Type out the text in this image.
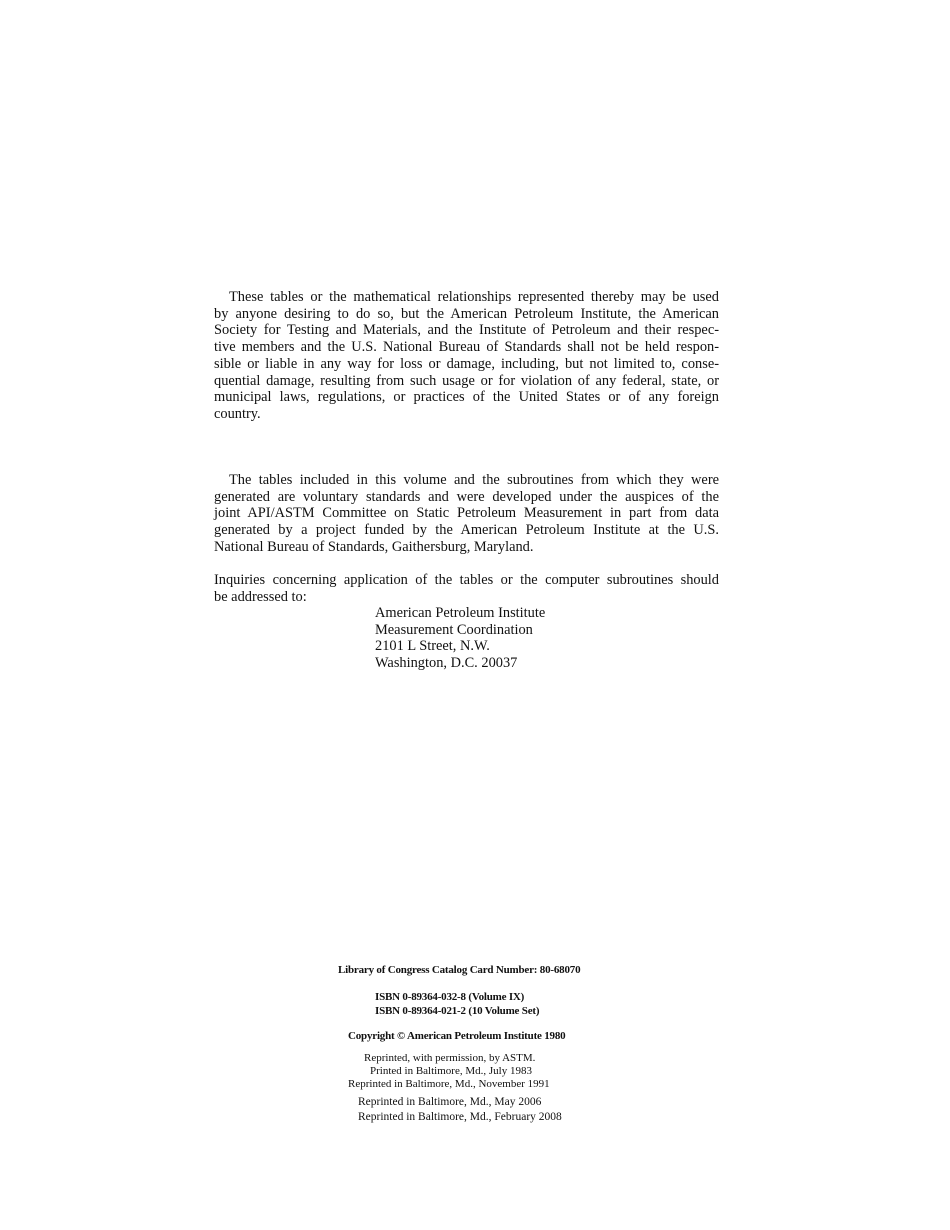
These tables or the mathematical relationships represented thereby may be used
by anyone desiring to do so, but the American Petroleum Institute, the American
Society for Testing and Materials, and the Institute of Petroleum and their respec-
tive members and the U.S. National Bureau of Standards shall not be held respon-
sible or liable in any way for loss or damage, including, but not limited to, conse-
quential damage, resulting from such usage or for violation of any federal, state, or
municipal laws, regulations, or practices of the United States or of any foreign
country.
The tables included in this volume and the subroutines from which they were
generated are voluntary standards and were developed under the auspices of the
joint API/ASTM Committee on Static Petroleum Measurement in part from data
generated by a project funded by the American Petroleum Institute at the U.S.
National Bureau of Standards, Gaithersburg, Maryland.
Inquiries concerning application of the tables or the computer subroutines should
be addressed to:
American Petroleum Institute
Measurement Coordination
2101 L Street, N.W.
Washington, D.C. 20037
Library of Congress Catalog Card Number: 80-68070
ISBN 0-89364-032-8 (Volume IX)
ISBN 0-89364-021-2 (10 Volume Set)
Copyright © American Petroleum Institute 1980
Reprinted, with permission, by ASTM.
Printed in Baltimore, Md., July 1983
Reprinted in Baltimore, Md., November 1991
Reprinted in Baltimore, Md., May 2006
Reprinted in Baltimore, Md., February 2008
